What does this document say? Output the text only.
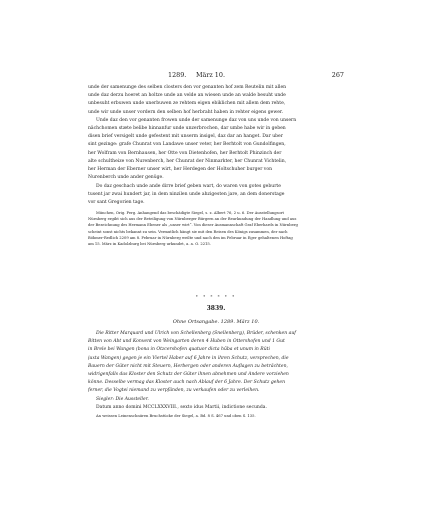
1289. März 10.	267
unde der samenunge des selben closters den vor genanten hof zem Reutelin mit allen
unde daz derzu hoeret an holtze unde an velde an wiesen unde an walde besuht unde
unbesuht erbuwen unde unerbuwen ze rehtem eigen ebiklichen mit allem dem rehte,
unde wir unde unser vordern den selben hof herbraht haben in rehter eigens gewer.
Unde daz den vor genanten frowen unde der samenunge daz von uns unde von unsern
nächchomen stæte belibe hinnanfur unde unzerbrochen, dar umbe habe wir in geben
disen brief versigelt unde gefestent mit unserm insigel, daz dar an hanget. Dar uber
sint gezinge: grafe Chunrat von Landawe unser veter, her Berhtolt von Gundolfingen,
her Wolfram von Bernhausen, her Otte von Dietenhofen, her Berhtolt Phinzinch der
alte schultheize von Nurenberch, her Chunrat der Ninmarkter, her Chunrat Vichtelin,
her Herman der Eberner unser wirt, her Herdegen der Holtschuher burger von
Nurenberch unde ander genüge.
Do daz geschach unde ande dirre brief geben wart, do waren von gotes geburte
tusent jar zwai hundert jar, in dem ninzilen unde ahzigesten jare, an dem donerstage
vor sant Gregorien tage.
München, Orig. Perg. Anhangend das beschädigte Siegel, s. z. Albert 76, 2 u. 6. Der Ausstellungsort
Nürnberg ergibt sich aus der Beteiligung von Nürnberger Bürgern an der Beurkundung der Handlung und aus
der Bezeichnung des Hermann Ebener als „unser wirt“. Von dieser Ausmannschaft Graf Eberhards in Nürnberg
scheint sonst nichts bekannt zu sein. Vermutlich hängt sie mit den Reisen des Königs zusammen, der nach
Böhmer-Redlich 2209 am 8. Februar in Nürnberg weilte und nach den im Februar in Eger gehaltenen Hoftag
am 15. März in Kadolzburg bei Nürnberg urkundet, a. a. O. 2215.
* * * * * *
3839.
Ohne Ortsangabe. 1289. März 10.
Die Ritter Marquard und Ulrich von Schellenberg (Snellenberg), Brüder, schenken auf
Bitten von Abt und Konvent von Weingarten deren 4 Huben in Ottershofen und 1 Gut
in Brele bei Wangen (bona in Otzcershofen quatuor dicta hūba et unum in Rüti
juxta Wangen) gegen je ein Viertel Haber auf 6 Jahre in ihren Schutz, versprechen, die
Bauern der Güter nicht mit Steuern, Herbergen oder anderen Auflagen zu beträchten,
widrigenfalls das Kloster den Schutz der Güter ihnen abnehmen und Andere vorziehen
könne. Desselbe vermag das Kloster auch nach Ablauf der 6 Jahre. Der Schutz gehen
ferner, die Vogtei niemand zu verpfänden, zu verkaufen oder zu verleihen.
Siegler: Die Aussteller.
Datum anno domini MCCLXXXVIII., sexto idus Martii, indictione secunda.
An weissen Leinenschnüren Bruchstücke der Siegel, a. Bd. 8 S. 467 und oben S. 135.
